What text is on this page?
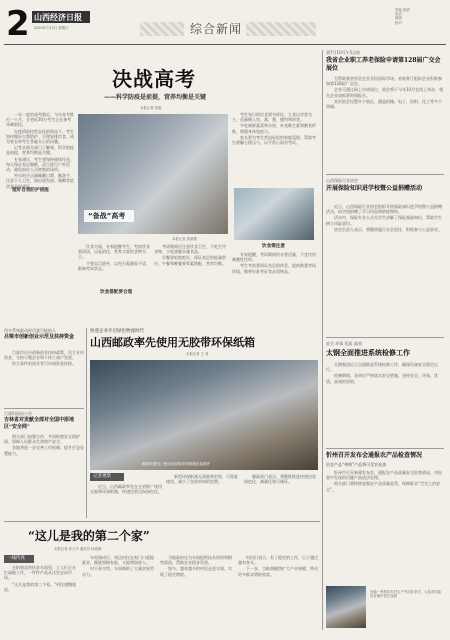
2 山西经济日报
2020年7月5日 星期日	综合新闻
责编 张婧
电话：
排版：
校对：
决战高考
——科学防疫是前提，营养均衡是关键
本报记者 曾丽

一年一度的高考临近，今年高考推迟一个月，全省近30万考生正在备考冲刺阶段。

在疫情防控常态化的情况下，考生如何做好自我防护、合理安排饮食，成为家长和考生普遍关心的问题。

记者从相关部门了解到，科学防疫是前提，营养均衡是关键。

专家建议，考生要保持规律作息，每天保证充足睡眠，适当进行户外活动，避免前往人员密集的场所。

外出时应正确佩戴口罩，勤洗手，注意个人卫生，如出现发热、咳嗽等症状要及时就医。

理好自我防护措施
“备战”高考
本报记者 曾丽摄

饮食方面，专家提醒考生，考前饮食要清淡，以易消化、营养丰富的食物为主。

不要盲目进补，以免引起肠胃不适，影响考试状态。

饮食搭配要合理

考试期间应注意饮食卫生，不吃生冷食物，少吃油腻辛辣食品。

早餐要吃饱吃好，保证充足的能量供应；午餐和晚餐要荤素搭配，营养均衡。

考生每日的饮食要多样化，主食以谷类为主，适量摄入鱼、禽、蛋、瘦肉和奶类。

多吃新鲜蔬菜和水果，补充维生素和膳食纤维，增强身体免疫力。

家长要为考生营造轻松的家庭氛围，帮助考生缓解心理压力，以平常心面对考试。

饮食需注意

专家提醒，考试期间饮水要适量，不宜饮用刺激性饮料。

考生考前要保证充足的休息，提前熟悉考场环境，携带好准考证等必需物品。

到7月10号午5点前
我省企业职工养老保险申请第128届广交会展位

为帮助我省外贸企业开拓国际市场，省商务厅组织企业积极参加第128届广交会。

企业可通过网上申请展位，展会将于今年10月在线上举办，相关企业请抓紧时间报名。

本次展会设置多个展区，涵盖机械、电子、纺织、化工等多个领域。

山西保险行业协会
开展保险知识进学校暨公益捐赠活动

近日，山西保险行业协会组织开展保险知识进学校暨公益捐赠活动，向学校捐赠了学习用品和防疫物资。

活动中，保险专业人员为学生讲解了保险基础知识，帮助学生树立风险意识。

协会负责人表示，将继续履行社会责任，积极参与公益事业。

安全 环保 优质 高效
太钢全面推进系统检修工作

太钢集团近日全面推进系统检修工作，确保设备安全稳定运行。

检修期间，各单位严格落实安全措施，坚持安全、环保、优质、高效的原则。

忻州召开发布会通报农产品检查情况
治农产品“带病”产品将可受农检查

忻州市召开新闻发布会，通报农产品质量安全检查情况，对检查中发现的问题产品依法处理。

相关部门将持续加强农产品质量监管，保障群众“舌尖上的安全”。

坐镇一季度的乡村生产劳动好帮手，太原市阳曲县各镇村民忙碌着
用多系统驱动时代就可能的人
吕梁市创新创业示范及扶持资金

吕梁市出台创新创业扶持政策，设立专项资金，支持小微企业和个体工商户发展。

符合条件的创业者可申请资金扶持。

吕梁科技局公告
吉林省对贡献全部对全国中原地区“安全网”

相关部门加强合作，共同织密安全防护网，保障人民群众生命财产安全。

各地将进一步完善工作机制，提升应急处置能力。

快递企业开启绿色物流时代
山西邮政率先使用无胶带环保纸箱
本报记者 王 青
邮政快递员工使用无胶带环保纸箱包装邮件
记者观察

近日，山西邮政率先在全省推广使用无胶带环保纸箱，快递包装迈向绿色化。

新型环保纸箱无需胶带封装，可重复使用，减少了包装材料的浪费。

邮政部门表示，将继续推进快递包装绿色化、减量化和可循环。

“这儿是我的第二个家”
本报记者 张文华 通讯员 杨淑静
一线传真

在阳曲县的扶贫车间里，工人们正在忙碌地工作，一件件产品从这里走向市场。

“这儿是我的第二个家。”村民感慨地说。

车间建成后，周边村民在家门口就能就业，既能照顾家庭，又能增加收入。

村干部介绍，车间吸纳了大量贫困劳动力。

当地政府还为车间提供技术培训和销售渠道，帮助企业稳步发展。

如今，越来越多的村民走进车间，实现了稳定增收。

村民们表示，有了稳定的工作，日子越过越有奔头。

下一步，当地将继续扩大产业规模，带动更多群众增收致富。
